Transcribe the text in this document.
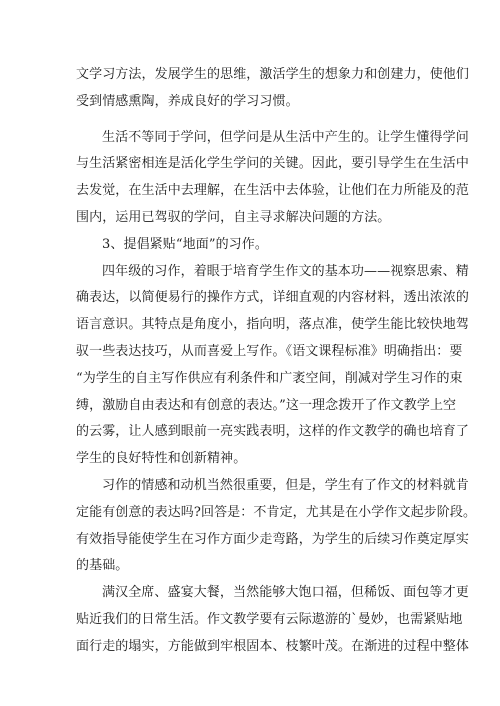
文学习方法，发展学生的思维，激活学生的想象力和创建力，使他们
受到情感熏陶，养成良好的学习习惯。
生活不等同于学问，但学问是从生活中产生的。让学生懂得学问
与生活紧密相连是活化学生学问的关键。因此，要引导学生在生活中
去发觉，在生活中去理解，在生活中去体验，让他们在力所能及的范
围内，运用已驾驭的学问，自主寻求解决问题的方法。
3、提倡紧贴“地面”的习作。
四年级的习作，着眼于培育学生作文的基本功——视察思索、精
确表达，以简便易行的操作方式，详细直观的内容材料，透出浓浓的
语言意识。其特点是角度小，指向明，落点准，使学生能比较快地驾
驭一些表达技巧，从而喜爱上写作。《语文课程标准》明确指出：要
“为学生的自主写作供应有利条件和广袤空间，削减对学生习作的束
缚，激励自由表达和有创意的表达。”这一理念拨开了作文教学上空
的云雾，让人感到眼前一亮实践表明，这样的作文教学的确也培育了
学生的良好特性和创新精神。
习作的情感和动机当然很重要，但是，学生有了作文的材料就肯
定能有创意的表达吗?回答是：不肯定，尤其是在小学作文起步阶段。
有效指导能使学生在习作方面少走弯路，为学生的后续习作奠定厚实
的基础。
满汉全席、盛宴大餐，当然能够大饱口福，但稀饭、面包等才更
贴近我们的日常生活。作文教学要有云际遨游的`曼妙，也需紧贴地
面行走的塌实，方能做到牢根固本、枝繁叶茂。在渐进的过程中整体
